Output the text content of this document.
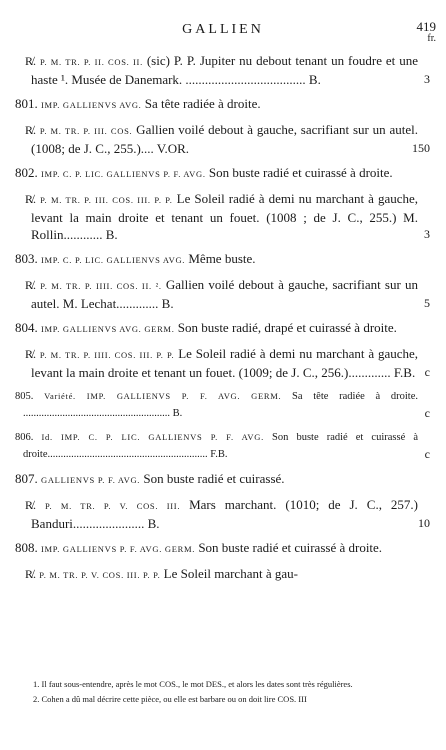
GALLIEN	419
fr.
R̸. P. M. TR. P. II. COS. II. (sic) P. P. Jupiter nu debout tenant un foudre et une haste ¹. Musée de Danemark. ..................................... B.	3
801. IMP. GALLIENVS AVG. Sa tête radiée à droite.
R̸. P. M. TR. P. III. COS. Gallien voilé debout à gauche, sacrifiant sur un autel. (1008; de J. C., 255.).... V.OR.	150
802. IMP. C. P. LIC. GALLIENVS P. F. AVG. Son buste radié et cuirassé à droite.
R̸. P. M. TR. P. III. COS. III. P. P. Le Soleil radié à demi nu marchant à gauche, levant la main droite et tenant un fouet. (1008 ; de J. C., 255.) M. Rollin............ B.	3
803. IMP. C. P. LIC. GALLIENVS AVG. Même buste.
R̸. P. M. TR. P. IIII. COS. II. ². Gallien voilé debout à gauche, sacrifiant sur un autel. M. Lechat............. B.	5
804. IMP. GALLIENVS AVG. GERM. Son buste radié, drapé et cuirassé à droite.
R̸. P. M. TR. P. IIII. COS. III. P. P. Le Soleil radié à demi nu marchant à gauche, levant la main droite et tenant un fouet. (1009; de J. C., 256.)............. F.B. c
805. Variété. IMP. GALLIENVS P. F. AVG. GERM. Sa tête radiée à droite. ........................................................ B.	c
806. Id. IMP. C. P. LIC. GALLIENVS P. F. AVG. Son buste radié et cuirassé à droite............................................................. F.B.	c
807. GALLIENVS P. F. AVG. Son buste radié et cuirassé.
R̸. P. M. TR. P. V. COS. III. Mars marchant. (1010; de J. C., 257.) Banduri...................... B.	10
808. IMP. GALLIENVS P. F. AVG. GERM. Son buste radié et cuirassé à droite.
R̸. P. M. TR. P. V. COS. III. P. P. Le Soleil marchant à gau-
1. Il faut sous-entendre, après le mot COS., le mot DES., et alors les dates sont très régulières.
2. Cohen a dû mal décrire cette pièce, ou elle est barbare ou on doit lire COS. III
